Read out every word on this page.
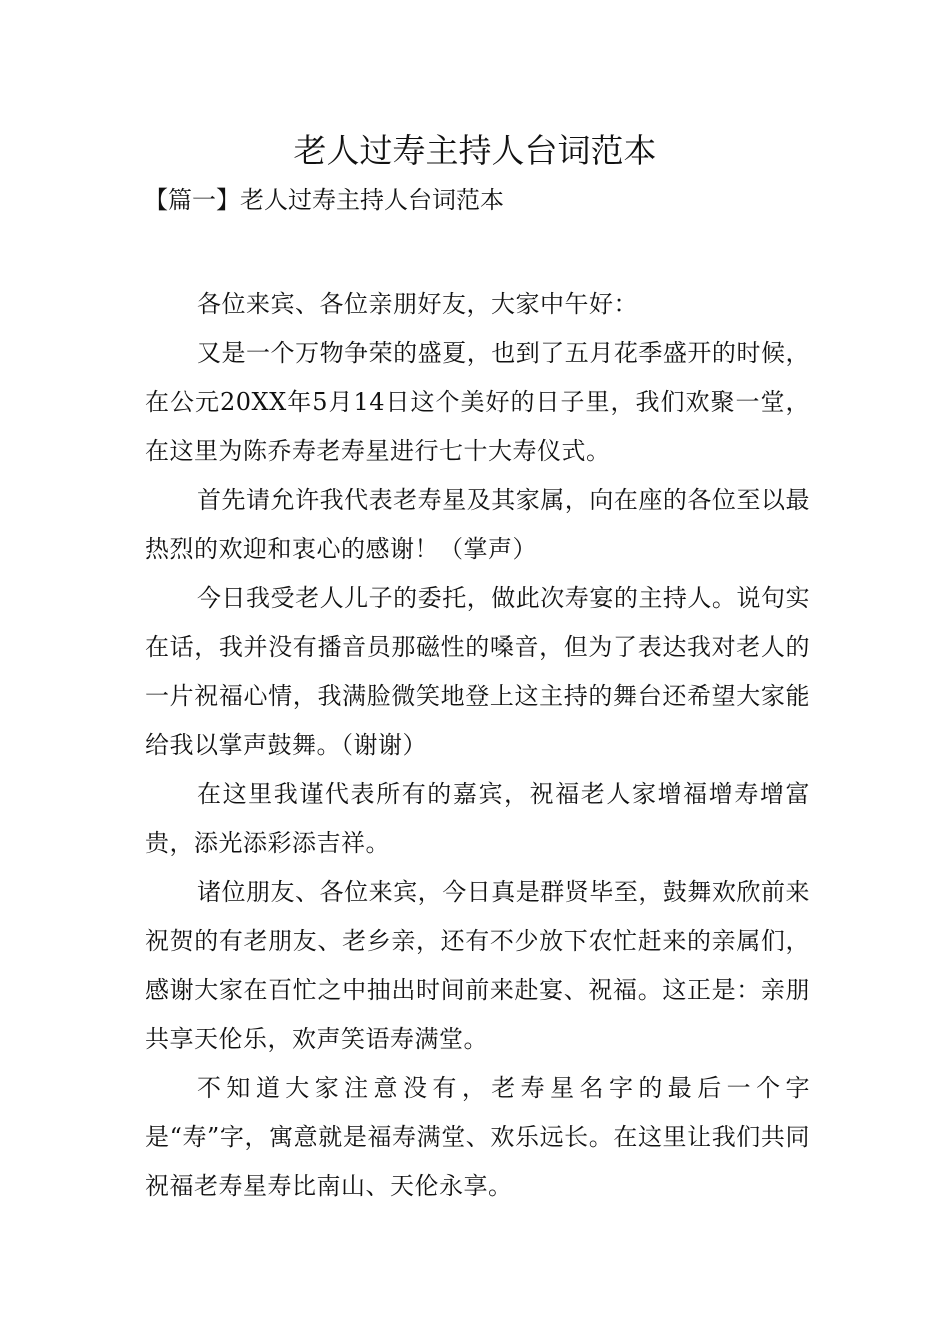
老人过寿主持人台词范本

【篇一】老人过寿主持人台词范本

各位来宾、各位亲朋好友，大家中午好：

又是一个万物争荣的盛夏，也到了五月花季盛开的时候，在公元20XX年5月14日这个美好的日子里，我们欢聚一堂，在这里为陈乔寿老寿星进行七十大寿仪式。

首先请允许我代表老寿星及其家属，向在座的各位至以最热烈的欢迎和衷心的感谢！（掌声）

今日我受老人儿子的委托，做此次寿宴的主持人。说句实在话，我并没有播音员那磁性的嗓音，但为了表达我对老人的一片祝福心情，我满脸微笑地登上这主持的舞台还希望大家能给我以掌声鼓舞。（谢谢）

在这里我谨代表所有的嘉宾，祝福老人家增福增寿增富贵，添光添彩添吉祥。

诸位朋友、各位来宾，今日真是群贤毕至，鼓舞欢欣前来祝贺的有老朋友、老乡亲，还有不少放下农忙赶来的亲属们，感谢大家在百忙之中抽出时间前来赴宴、祝福。这正是：亲朋共享天伦乐，欢声笑语寿满堂。

不知道大家注意没有，老寿星名字的最后一个字是“寿”字，寓意就是福寿满堂、欢乐远长。在这里让我们共同祝福老寿星寿比南山、天伦永享。
